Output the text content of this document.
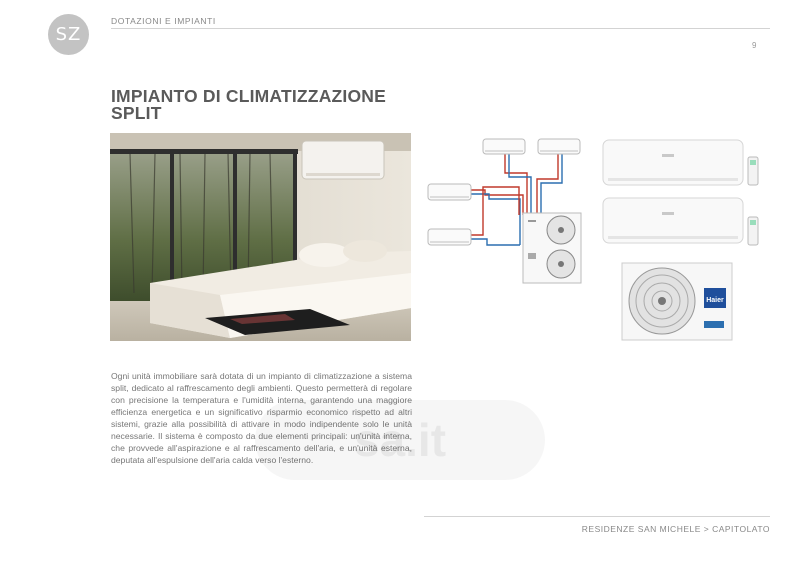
SZ
DOTAZIONI E IMPIANTI
9
IMPIANTO DI CLIMATIZZAZIONE
SPLIT
Ogni unità immobiliare sarà dotata di un impianto di climatizzazione a sistema split, dedicato al raffrescamento degli ambienti. Questo permetterà di regolare con precisione la temperatura e l'umidità interna, garantendo una maggiore efficienza energetica e un significativo risparmio economico rispetto ad altri sistemi, grazie alla possibilità di attivare in modo indipendente solo le unità necessarie. Il sistema è composto da due elementi principali: un'unità interna, che provvede all'aspirazione e al raffrescamento dell'aria, e un'unità esterna, deputata all'espulsione dell'aria calda verso l'esterno. sa.it
Haier
RESIDENZE SAN MICHELE > CAPITOLATO
